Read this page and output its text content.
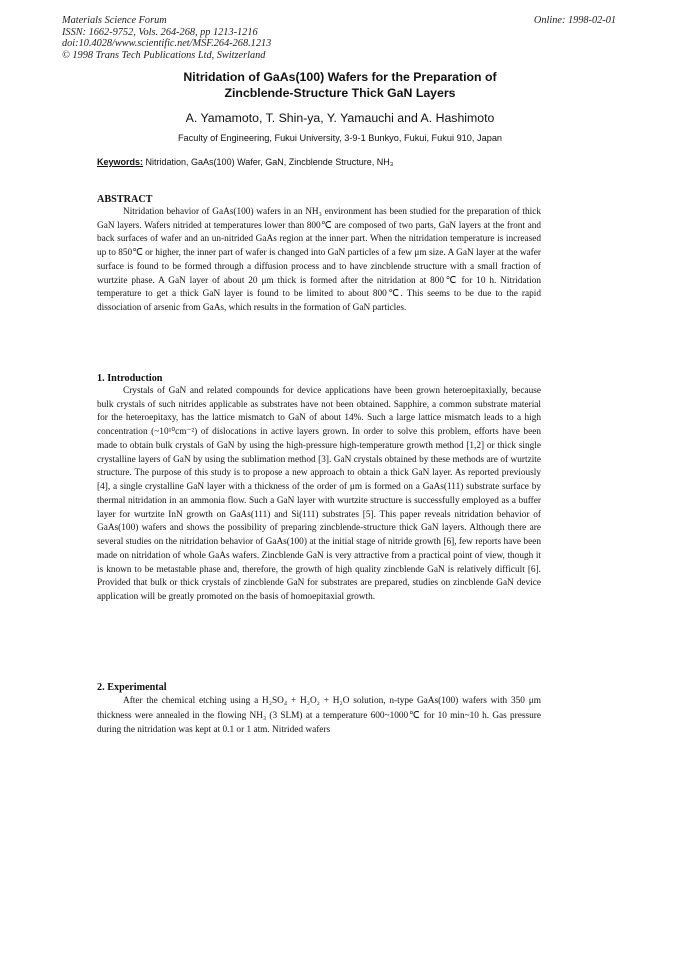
Materials Science Forum
ISSN: 1662-9752, Vols. 264-268, pp 1213-1216
doi:10.4028/www.scientific.net/MSF.264-268.1213
© 1998 Trans Tech Publications Ltd, Switzerland
Online: 1998-02-01
Nitridation of GaAs(100) Wafers for the Preparation of
Zincblende-Structure Thick GaN Layers
A. Yamamoto, T. Shin-ya, Y. Yamauchi and A. Hashimoto
Faculty of Engineering, Fukui University, 3-9-1 Bunkyo, Fukui, Fukui 910, Japan
Keywords: Nitridation, GaAs(100) Wafer, GaN, Zincblende Structure, NH₃
ABSTRACT

Nitridation behavior of GaAs(100) wafers in an NH₃ environment has been studied for the preparation of thick GaN layers. Wafers nitrided at temperatures lower than 800℃ are composed of two parts, GaN layers at the front and back surfaces of wafer and an un-nitrided GaAs region at the inner part. When the nitridation temperature is increased up to 850℃ or higher, the inner part of wafer is changed into GaN particles of a few μm size. A GaN layer at the wafer surface is found to be formed through a diffusion process and to have zincblende structure with a small fraction of wurtzite phase. A GaN layer of about 20 μm thick is formed after the nitridation at 800℃ for 10 h. Nitridation temperature to get a thick GaN layer is found to be limited to about 800℃. This seems to be due to the rapid dissociation of arsenic from GaAs, which results in the formation of GaN particles.

1. Introduction

Crystals of GaN and related compounds for device applications have been grown heteroepitaxially, because bulk crystals of such nitrides applicable as substrates have not been obtained. Sapphire, a common substrate material for the heteroepitaxy, has the lattice mismatch to GaN of about 14%. Such a large lattice mismatch leads to a high concentration (~10¹⁰cm⁻²) of dislocations in active layers grown. In order to solve this problem, efforts have been made to obtain bulk crystals of GaN by using the high-pressure high-temperature growth method [1,2] or thick single crystalline layers of GaN by using the sublimation method [3]. GaN crystals obtained by these methods are of wurtzite structure. The purpose of this study is to propose a new approach to obtain a thick GaN layer. As reported previously [4], a single crystalline GaN layer with a thickness of the order of μm is formed on a GaAs(111) substrate surface by thermal nitridation in an ammonia flow. Such a GaN layer with wurtzite structure is successfully employed as a buffer layer for wurtzite InN growth on GaAs(111) and Si(111) substrates [5]. This paper reveals nitridation behavior of GaAs(100) wafers and shows the possibility of preparing zincblende-structure thick GaN layers. Although there are several studies on the nitridation behavior of GaAs(100) at the initial stage of nitride growth [6], few reports have been made on nitridation of whole GaAs wafers. Zincblende GaN is very attractive from a practical point of view, though it is known to be metastable phase and, therefore, the growth of high quality zincblende GaN is relatively difficult [6]. Provided that bulk or thick crystals of zincblende GaN for substrates are prepared, studies on zincblende GaN device application will be greatly promoted on the basis of homoepitaxial growth.

2. Experimental

After the chemical etching using a H₂SO₄ + H₂O₂ + H₂O solution, n-type GaAs(100) wafers with 350 μm thickness were annealed in the flowing NH₃ (3 SLM) at a temperature 600~1000℃ for 10 min~10 h. Gas pressure during the nitridation was kept at 0.1 or 1 atm. Nitrided wafers
